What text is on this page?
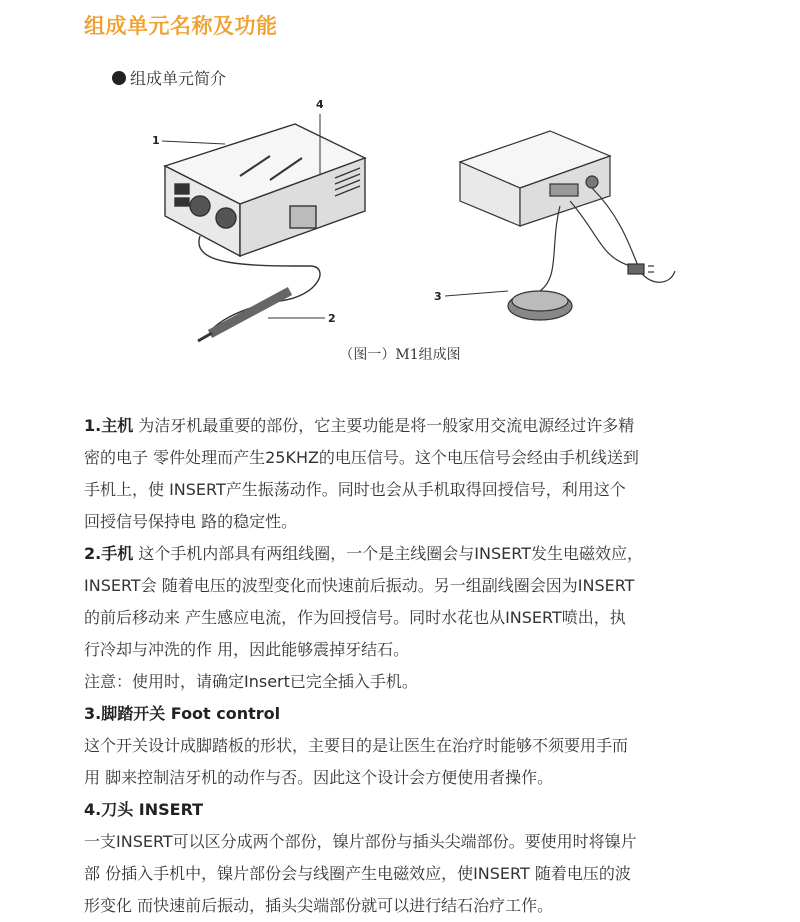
组成单元名称及功能
组成单元简介
1
4
2
3
（图一）M1组成图

1.主机 为洁牙机最重要的部份，它主要功能是将一般家用交流电源经过许多精

密的电子 零件处理而产生25KHZ的电压信号。这个电压信号会经由手机线送到

手机上，使 INSERT产生振荡动作。同时也会从手机取得回授信号，利用这个

回授信号保持电 路的稳定性。

2.手机 这个手机内部具有两组线圈，一个是主线圈会与INSERT发生电磁效应，

INSERT会 随着电压的波型变化而快速前后振动。另一组副线圈会因为INSERT

的前后移动来 产生感应电流，作为回授信号。同时水花也从INSERT喷出，执

行冷却与冲洗的作 用，因此能够震掉牙结石。

注意：使用时，请确定Insert已完全插入手机。

3.脚踏开关 Foot control

这个开关设计成脚踏板的形状，主要目的是让医生在治疗时能够不须要用手而

用 脚来控制洁牙机的动作与否。因此这个设计会方便使用者操作。

4.刀头 INSERT

一支INSERT可以区分成两个部份，镍片部份与插头尖端部份。要使用时将镍片

部 份插入手机中，镍片部份会与线圈产生电磁效应，使INSERT 随着电压的波

形变化 而快速前后振动，插头尖端部份就可以进行结石治疗工作。
